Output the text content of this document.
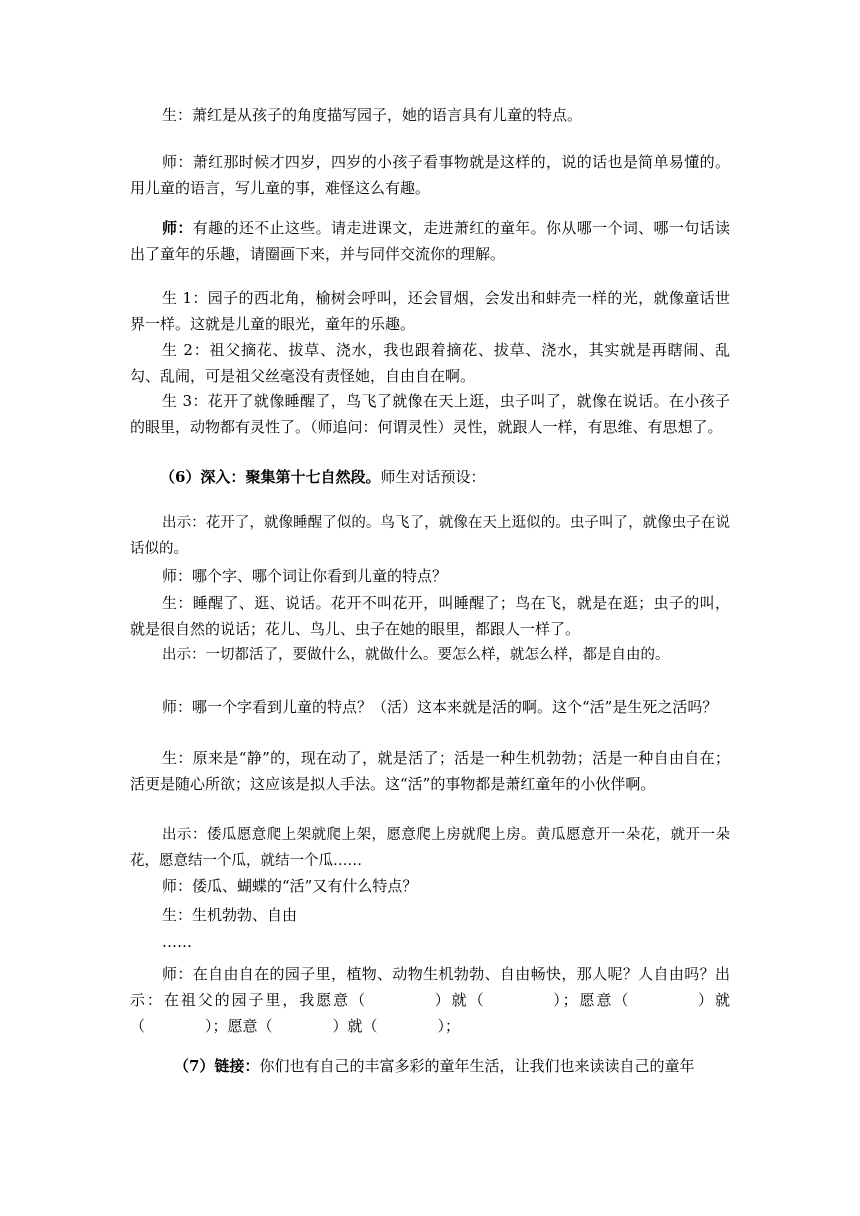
生：萧红是从孩子的角度描写园子，她的语言具有儿童的特点。

师：萧红那时候才四岁，四岁的小孩子看事物就是这样的，说的话也是简单易懂的。用儿童的语言，写儿童的事，难怪这么有趣。

师：有趣的还不止这些。请走进课文，走进萧红的童年。你从哪一个词、哪一句话读出了童年的乐趣，请圈画下来，并与同伴交流你的理解。

生 1：园子的西北角，榆树会呼叫，还会冒烟，会发出和蚌壳一样的光，就像童话世界一样。这就是儿童的眼光，童年的乐趣。

生 2：祖父摘花、拔草、浇水，我也跟着摘花、拔草、浇水，其实就是再瞎闹、乱勾、乱闹，可是祖父丝毫没有责怪她，自由自在啊。

生 3：花开了就像睡醒了，鸟飞了就像在天上逛，虫子叫了，就像在说话。在小孩子的眼里，动物都有灵性了。（师追问：何谓灵性）灵性，就跟人一样，有思维、有思想了。

（6）深入：聚集第十七自然段。师生对话预设：

出示：花开了，就像睡醒了似的。鸟飞了，就像在天上逛似的。虫子叫了，就像虫子在说话似的。

师：哪个字、哪个词让你看到儿童的特点？

生：睡醒了、逛、说话。花开不叫花开，叫睡醒了；鸟在飞，就是在逛；虫子的叫，就是很自然的说话；花儿、鸟儿、虫子在她的眼里，都跟人一样了。

出示：一切都活了，要做什么，就做什么。要怎么样，就怎么样，都是自由的。

师：哪一个字看到儿童的特点？（活）这本来就是活的啊。这个“活”是生死之活吗？

生：原来是“静”的，现在动了，就是活了；活是一种生机勃勃；活是一种自由自在；活更是随心所欲；这应该是拟人手法。这“活”的事物都是萧红童年的小伙伴啊。

出示：倭瓜愿意爬上架就爬上架，愿意爬上房就爬上房。黄瓜愿意开一朵花，就开一朵花，愿意结一个瓜，就结一个瓜……

师：倭瓜、蝴蝶的“活”又有什么特点？

生：生机勃勃、自由

……

师：在自由自在的园子里，植物、动物生机勃勃、自由畅快，那人呢？人自由吗？出示：在祖父的园子里，我愿意（　　　　）就（　　　　）；愿意（　　　　）就（　　　　）；愿意（　　　　）就（　　　　）；

（7）链接：你们也有自己的丰富多彩的童年生活，让我们也来读读自己的童年
